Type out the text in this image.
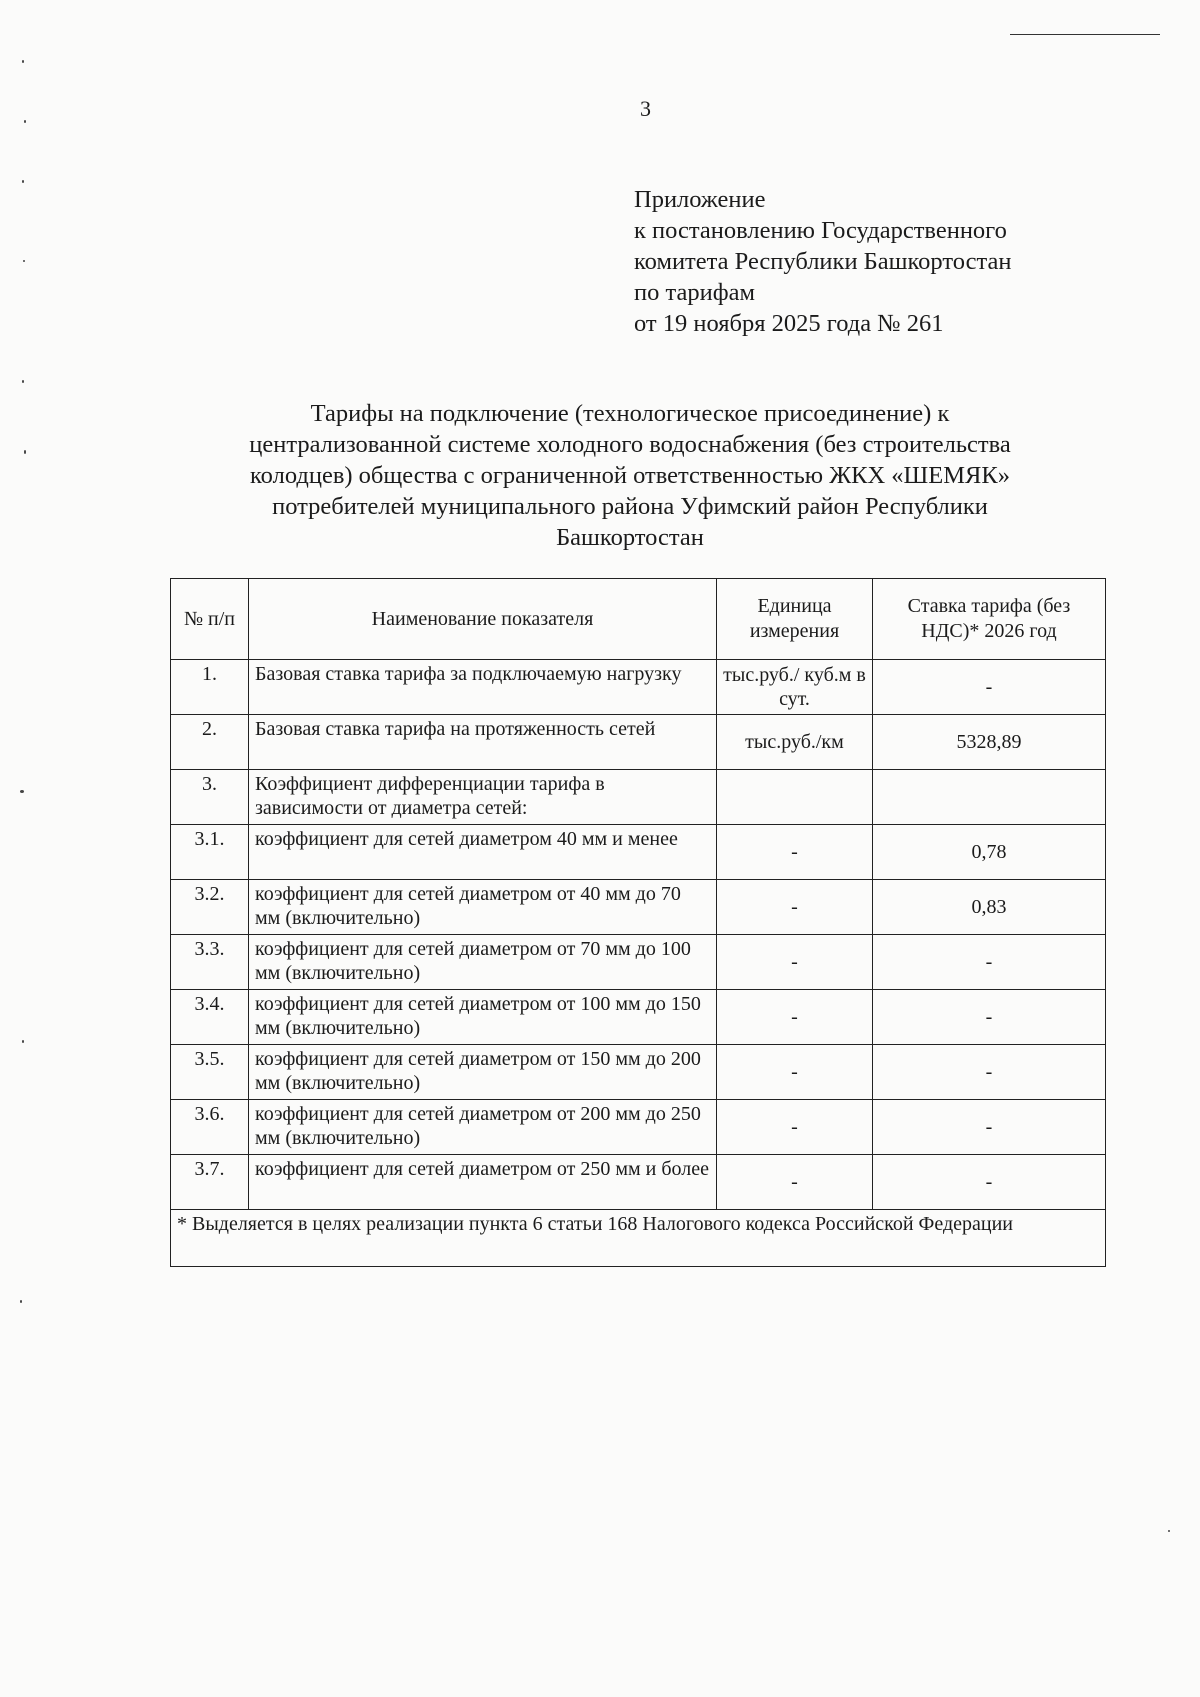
3
Приложение
к постановлению Государственного
комитета Республики Башкортостан
по тарифам
от 19 ноября 2025 года № 261
Тарифы на подключение (технологическое присоединение) к
централизованной системе холодного водоснабжения (без строительства
колодцев) общества с ограниченной ответственностью ЖКХ «ШЕМЯК»
потребителей муниципального района Уфимский район Республики
Башкортостан
№ п/п	Наименование показателя	Единица измерения	Ставка тарифа (без НДС)* 2026 год
1.	Базовая ставка тарифа за подключаемую нагрузку	тыс.руб./ куб.м в сут.	-
2.	Базовая ставка тарифа на протяженность сетей	тыс.руб./км	5328,89
3.	Коэффициент дифференциации тарифа в зависимости от диаметра сетей:		
3.1.	коэффициент для сетей диаметром 40 мм и менее	-	0,78
3.2.	коэффициент для сетей диаметром от 40 мм до 70 мм (включительно)	-	0,83
3.3.	коэффициент для сетей диаметром от 70 мм до 100 мм (включительно)	-	-
3.4.	коэффициент для сетей диаметром от 100 мм до 150 мм (включительно)	-	-
3.5.	коэффициент для сетей диаметром от 150 мм до 200 мм (включительно)	-	-
3.6.	коэффициент для сетей диаметром от 200 мм до 250 мм (включительно)	-	-
3.7.	коэффициент для сетей диаметром от 250 мм и более	-	-
* Выделяется в целях реализации пункта 6 статьи 168 Налогового кодекса Российской Федерации			
